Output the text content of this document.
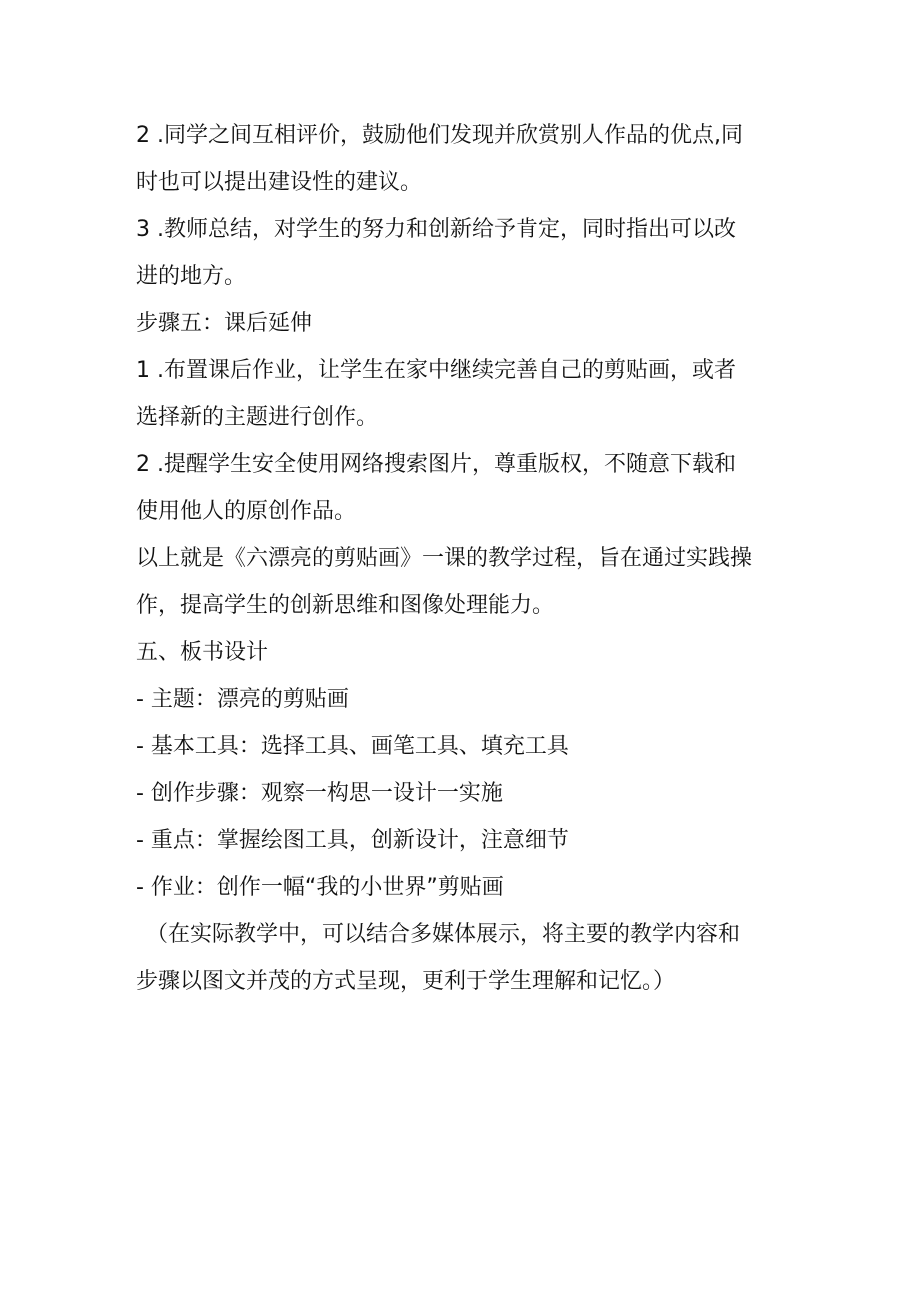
2 .同学之间互相评价，鼓励他们发现并欣赏别人作品的优点,同
时也可以提出建设性的建议。
3 .教师总结，对学生的努力和创新给予肯定，同时指出可以改
进的地方。
步骤五：课后延伸
1 .布置课后作业，让学生在家中继续完善自己的剪贴画，或者
选择新的主题进行创作。
2 .提醒学生安全使用网络搜索图片，尊重版权，不随意下载和
使用他人的原创作品。
以上就是《六漂亮的剪贴画》一课的教学过程，旨在通过实践操
作，提高学生的创新思维和图像处理能力。
五、板书设计
- 主题：漂亮的剪贴画
- 基本工具：选择工具、画笔工具、填充工具
- 创作步骤：观察一构思一设计一实施
- 重点：掌握绘图工具，创新设计，注意细节
- 作业：创作一幅“我的小世界”剪贴画
（在实际教学中，可以结合多媒体展示，将主要的教学内容和
步骤以图文并茂的方式呈现，更利于学生理解和记忆。）
